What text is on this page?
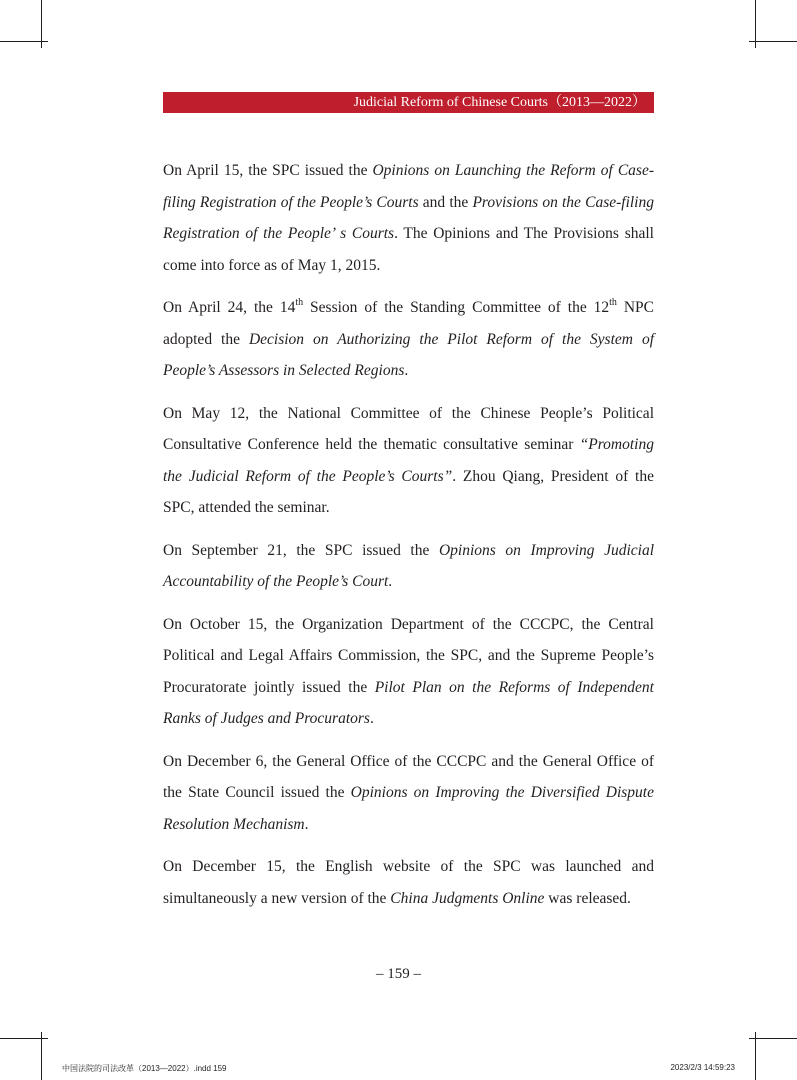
Judicial Reform of Chinese Courts（2013—2022）

On April 15, the SPC issued the Opinions on Launching the Reform of Case-filing Registration of the People’s Courts and the Provisions on the Case-filing Registration of the People’ s Courts. The Opinions and The Provisions shall come into force as of May 1, 2015.

On April 24, the 14th Session of the Standing Committee of the 12th NPC adopted the Decision on Authorizing the Pilot Reform of the System of People’s Assessors in Selected Regions.

On May 12, the National Committee of the Chinese People’s Political Consultative Conference held the thematic consultative seminar “Promoting the Judicial Reform of the People’s Courts”. Zhou Qiang, President of the SPC, attended the seminar.

On September 21, the SPC issued the Opinions on Improving Judicial Accountability of the People’s Court.

On October 15, the Organization Department of the CCCPC, the Central Political and Legal Affairs Commission, the SPC, and the Supreme People’s Procuratorate jointly issued the Pilot Plan on the Reforms of Independent Ranks of Judges and Procurators.

On December 6, the General Office of the CCCPC and the General Office of the State Council issued the Opinions on Improving the Diversified Dispute Resolution Mechanism.

On December 15, the English website of the SPC was launched and simultaneously a new version of the China Judgments Online was released.

– 159 –
中国法院的司法改革（2013—2022）.indd 159	2023/2/3 14:59:23
